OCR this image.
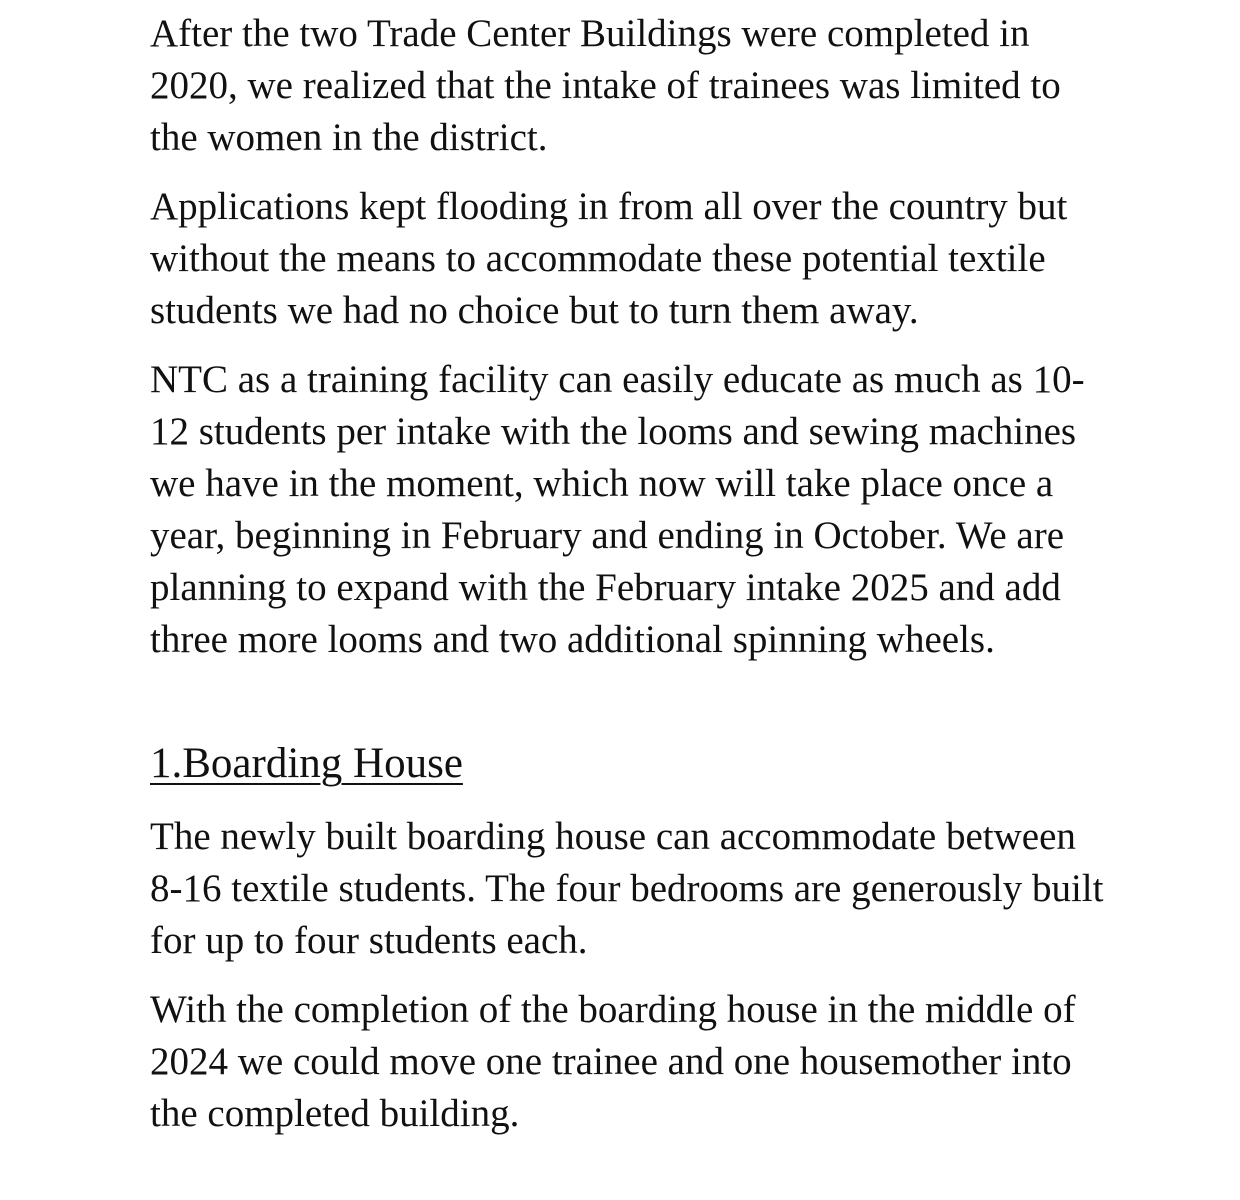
After the two Trade Center Buildings were completed in 2020, we realized that the intake of trainees was limited to the women in the district.

Applications kept flooding in from all over the country but without the means to accommodate these potential textile students we had no choice but to turn them away.

NTC as a training facility can easily educate as much as 10-12 students per intake with the looms and sewing machines we have in the moment, which now will take place once a year, beginning in February and ending in October. We are planning to expand with the February intake 2025 and add three more looms and two additional spinning wheels.

1.Boarding House

The newly built boarding house can accommodate between 8-16 textile students. The four bedrooms are generously built for up to four students each.

With the completion of the boarding house in the middle of 2024 we could move one trainee and one housemother into the completed building.
